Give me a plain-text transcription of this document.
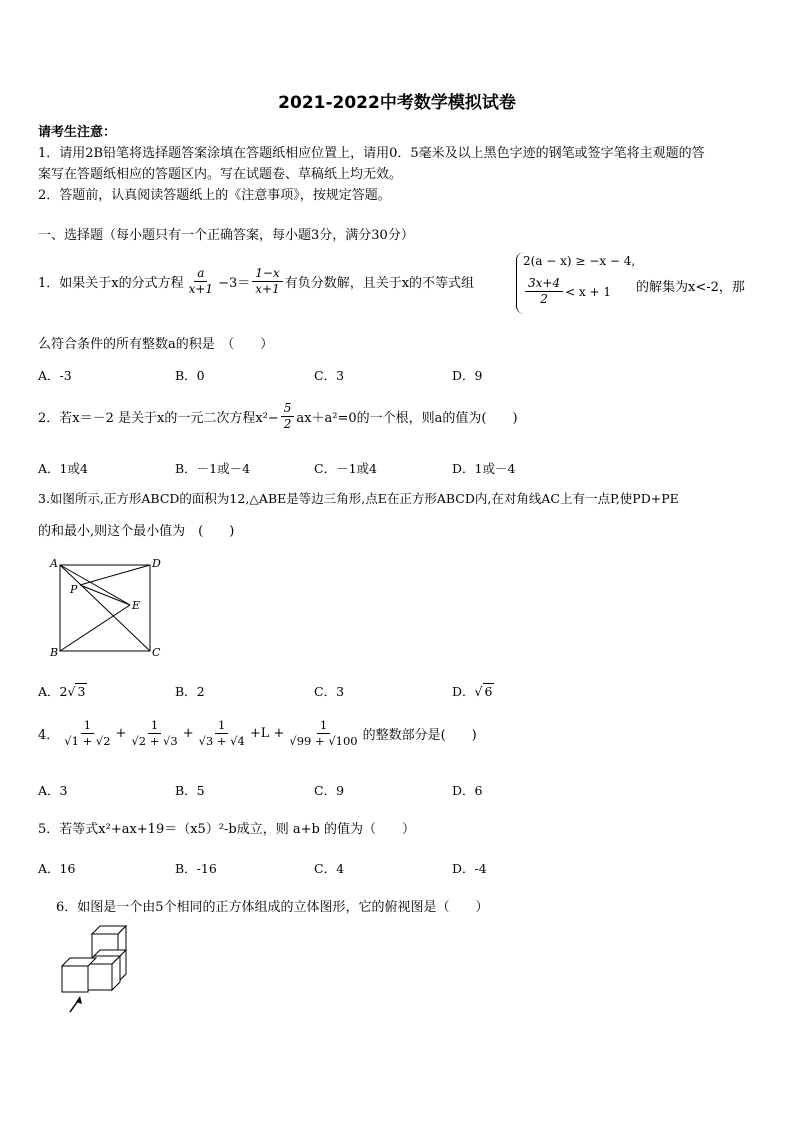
2021-2022中考数学模拟试卷
请考生注意：
1．请用2B铅笔将选择题答案涂填在答题纸相应位置上，请用0．5毫米及以上黑色字迹的钢笔或签字笔将主观题的答
案写在答题纸相应的答题区内。写在试题卷、草稿纸上均无效。
2．答题前，认真阅读答题纸上的《注意事项》，按规定答题。
一、选择题（每小题只有一个正确答案，每小题3分，满分30分）
1．如果关于x的分式方程 $\frac{a}{x+1} -3= \frac{1-x}{x+1}$ 有负分数解，且关于x的不等式组
2(a − x) ≥ −x − 4,
$\frac{3x+4}{2} < x + 1$ 的解集为x<-2，那
么符合条件的所有整数a的积是　（　　）
A．-3	B．0	C．3	D．9
2．若x＝－2 是关于x的一元二次方程$x^2- \frac{5}{2} ax+a^2=0$的一个根，则a的值为(　　)
A．1或4	B．－1或－4	C．－1或4	D．1或－4
3.如图所示,正方形ABCD的面积为12,△ABE是等边三角形,点E在正方形ABCD内,在对角线AC上有一点P,使PD+PE
的和最小,则这个最小值为　(　　)
A	D
P
E
B	C
A．2√ 3	B．2	C．3	D．√ 6
4． $\frac{1}{√1 + √2} + \frac{1}{√2 + √3} + \frac{1}{√3 + √4} +L + \frac{1}{√99 + √100}$ 的整数部分是(　　)
A．3	B．5	C．9	D．6
5．若等式x²+ax+19＝（x5）²-b成立，则 a+b 的值为（　　）
A．16	B．-16	C．4	D．-4
6．如图是一个由5个相同的正方体组成的立体图形，它的俯视图是（　　）
